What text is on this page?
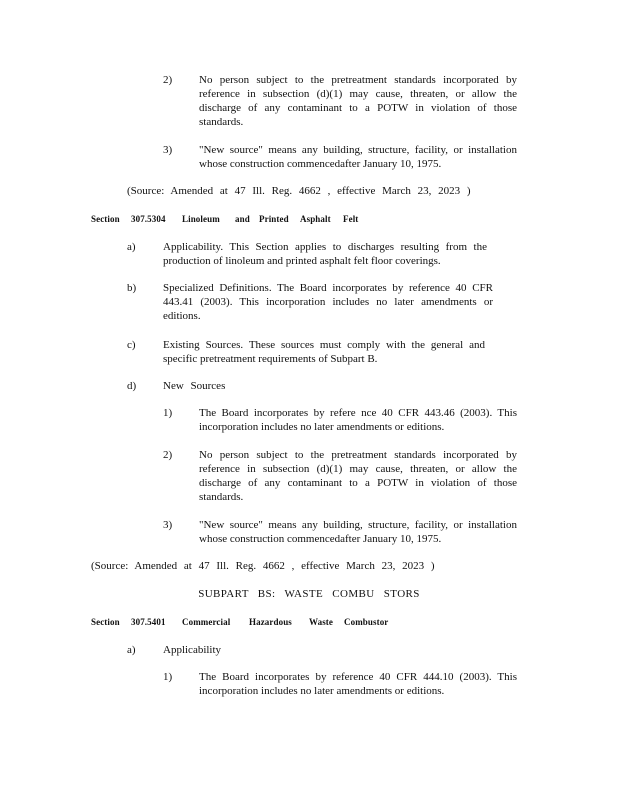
2) No person subject to the pretreatment standards incorporated by reference in subsection (d)(1) may cause, threaten, or allow the discharge of any contaminant to a POTW in violation of those standards.
3) "New source" means any building, structure, facility, or installation whose construction commencedafter January 10, 1975.
(Source: Amended at 47 Ill. Reg. 4662 , effective March 23, 2023 )
Section 307.5304 Linoleum and Printed Asphalt Felt
a) Applicability. This Section applies to discharges resulting from the production of linoleum and printed asphalt felt floor coverings.
b) Specialized Definitions. The Board incorporates by reference 40 CFR 443.41 (2003). This incorporation includes no later amendments or editions.
c) Existing Sources. These sources must comply with the general and specific pretreatment requirements of Subpart B.
d) New Sources
1) The Board incorporates by refere nce 40 CFR 443.46 (2003). This incorporation includes no later amendments or editions.
2) No person subject to the pretreatment standards incorporated by reference in subsection (d)(1) may cause, threaten, or allow the discharge of any contaminant to a POTW in violation of those standards.
3) "New source" means any building, structure, facility, or installation whose construction commencedafter January 10, 1975.
(Source: Amended at 47 Ill. Reg. 4662 , effective March 23, 2023 )
SUBPART BS: WASTE COMBU STORS
Section 307.5401 Commercial Hazardous Waste Combustor
a) Applicability
1) The Board incorporates by reference 40 CFR 444.10 (2003). This incorporation includes no later amendments or editions.
